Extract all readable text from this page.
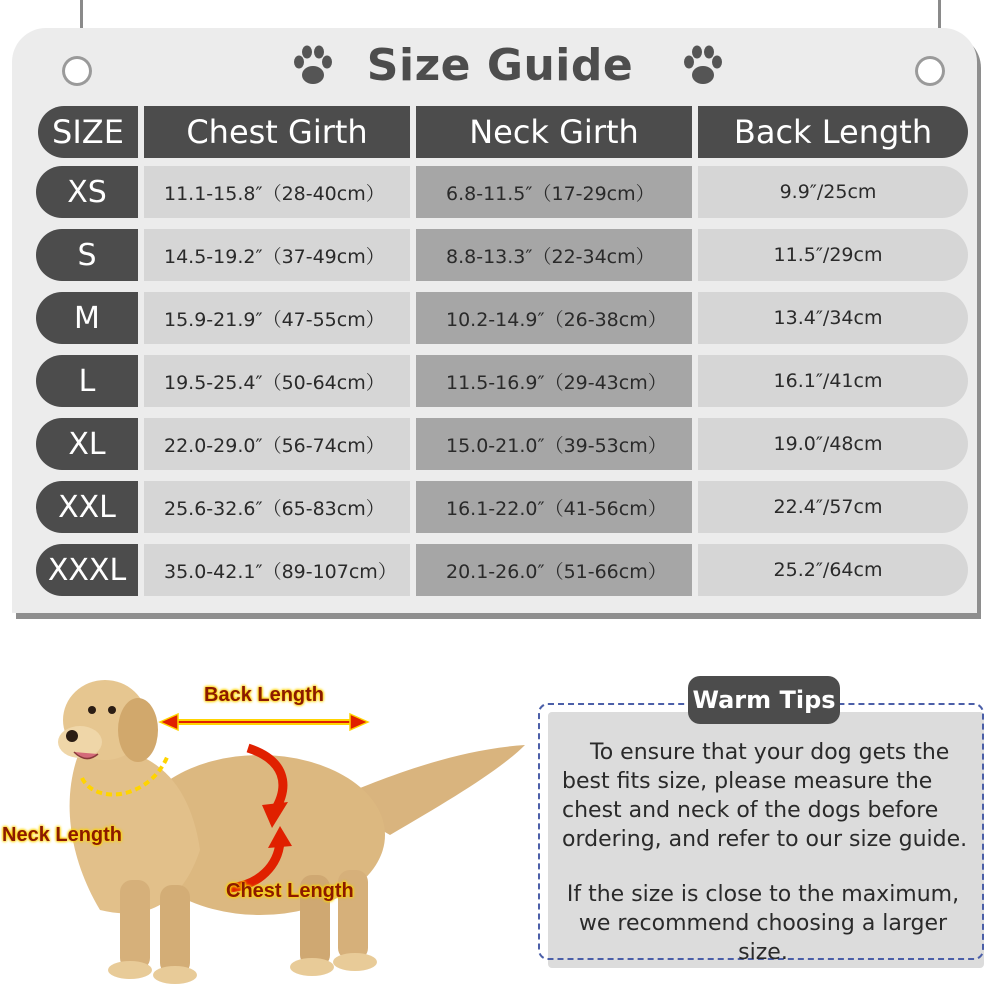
Size Guide
SIZE	Chest Girth	Neck Girth	Back Length
XS	11.1-15.8″（28-40cm）	6.8-11.5″（17-29cm）	9.9″/25cm
S	14.5-19.2″（37-49cm）	8.8-13.3″（22-34cm）	11.5″/29cm
M	15.9-21.9″（47-55cm）	10.2-14.9″（26-38cm）	13.4″/34cm
L	19.5-25.4″（50-64cm）	11.5-16.9″（29-43cm）	16.1″/41cm
XL	22.0-29.0″（56-74cm）	15.0-21.0″（39-53cm）	19.0″/48cm
XXL	25.6-32.6″（65-83cm）	16.1-22.0″（41-56cm）	22.4″/57cm
XXXL	35.0-42.1″（89-107cm）	20.1-26.0″（51-66cm）	25.2″/64cm
Back Length
Neck Length
Chest Length
Warm Tips
To ensure that your dog gets the best fits size, please measure the chest and neck of the dogs before ordering, and refer to our size guide.
If the size is close to the maximum, we recommend choosing a larger size.
